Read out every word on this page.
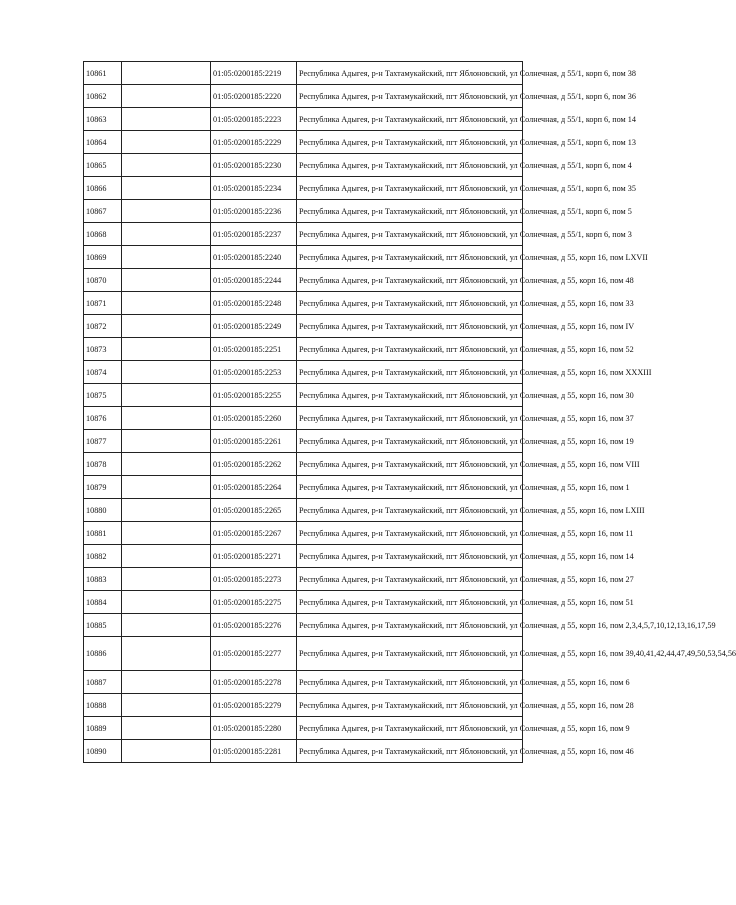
10861		01:05:0200185:2219	Республика Адыгея, р-н Тахтамукайский, пгт Яблоновский, ул Солнечная, д 55/1, корп 6, пом 38
10862		01:05:0200185:2220	Республика Адыгея, р-н Тахтамукайский, пгт Яблоновский, ул Солнечная, д 55/1, корп 6, пом 36
10863		01:05:0200185:2223	Республика Адыгея, р-н Тахтамукайский, пгт Яблоновский, ул Солнечная, д 55/1, корп 6, пом 14
10864		01:05:0200185:2229	Республика Адыгея, р-н Тахтамукайский, пгт Яблоновский, ул Солнечная, д 55/1, корп 6, пом 13
10865		01:05:0200185:2230	Республика Адыгея, р-н Тахтамукайский, пгт Яблоновский, ул Солнечная, д 55/1, корп 6, пом 4
10866		01:05:0200185:2234	Республика Адыгея, р-н Тахтамукайский, пгт Яблоновский, ул Солнечная, д 55/1, корп 6, пом 35
10867		01:05:0200185:2236	Республика Адыгея, р-н Тахтамукайский, пгт Яблоновский, ул Солнечная, д 55/1, корп 6, пом 5
10868		01:05:0200185:2237	Республика Адыгея, р-н Тахтамукайский, пгт Яблоновский, ул Солнечная, д 55/1, корп 6, пом 3
10869		01:05:0200185:2240	Республика Адыгея, р-н Тахтамукайский, пгт Яблоновский, ул Солнечная, д 55, корп 16, пом LXVII
10870		01:05:0200185:2244	Республика Адыгея, р-н Тахтамукайский, пгт Яблоновский, ул Солнечная, д 55, корп 16, пом 48
10871		01:05:0200185:2248	Республика Адыгея, р-н Тахтамукайский, пгт Яблоновский, ул Солнечная, д 55, корп 16, пом 33
10872		01:05:0200185:2249	Республика Адыгея, р-н Тахтамукайский, пгт Яблоновский, ул Солнечная, д 55, корп 16, пом IV
10873		01:05:0200185:2251	Республика Адыгея, р-н Тахтамукайский, пгт Яблоновский, ул Солнечная, д 55, корп 16, пом 52
10874		01:05:0200185:2253	Республика Адыгея, р-н Тахтамукайский, пгт Яблоновский, ул Солнечная, д 55, корп 16, пом XXXIII
10875		01:05:0200185:2255	Республика Адыгея, р-н Тахтамукайский, пгт Яблоновский, ул Солнечная, д 55, корп 16, пом 30
10876		01:05:0200185:2260	Республика Адыгея, р-н Тахтамукайский, пгт Яблоновский, ул Солнечная, д 55, корп 16, пом 37
10877		01:05:0200185:2261	Республика Адыгея, р-н Тахтамукайский, пгт Яблоновский, ул Солнечная, д 55, корп 16, пом 19
10878		01:05:0200185:2262	Республика Адыгея, р-н Тахтамукайский, пгт Яблоновский, ул Солнечная, д 55, корп 16, пом VIII
10879		01:05:0200185:2264	Республика Адыгея, р-н Тахтамукайский, пгт Яблоновский, ул Солнечная, д 55, корп 16, пом 1
10880		01:05:0200185:2265	Республика Адыгея, р-н Тахтамукайский, пгт Яблоновский, ул Солнечная, д 55, корп 16, пом LXIII
10881		01:05:0200185:2267	Республика Адыгея, р-н Тахтамукайский, пгт Яблоновский, ул Солнечная, д 55, корп 16, пом 11
10882		01:05:0200185:2271	Республика Адыгея, р-н Тахтамукайский, пгт Яблоновский, ул Солнечная, д 55, корп 16, пом 14
10883		01:05:0200185:2273	Республика Адыгея, р-н Тахтамукайский, пгт Яблоновский, ул Солнечная, д 55, корп 16, пом 27
10884		01:05:0200185:2275	Республика Адыгея, р-н Тахтамукайский, пгт Яблоновский, ул Солнечная, д 55, корп 16, пом 51
10885		01:05:0200185:2276	Республика Адыгея, р-н Тахтамукайский, пгт Яблоновский, ул Солнечная, д 55, корп 16, пом 2,3,4,5,7,10,12,13,16,17,59
10886		01:05:0200185:2277	Республика Адыгея, р-н Тахтамукайский, пгт Яблоновский, ул Солнечная, д 55, корп 16, пом 39,40,41,42,44,47,49,50,53,54,56
10887		01:05:0200185:2278	Республика Адыгея, р-н Тахтамукайский, пгт Яблоновский, ул Солнечная, д 55, корп 16, пом 6
10888		01:05:0200185:2279	Республика Адыгея, р-н Тахтамукайский, пгт Яблоновский, ул Солнечная, д 55, корп 16, пом 28
10889		01:05:0200185:2280	Республика Адыгея, р-н Тахтамукайский, пгт Яблоновский, ул Солнечная, д 55, корп 16, пом 9
10890		01:05:0200185:2281	Республика Адыгея, р-н Тахтамукайский, пгт Яблоновский, ул Солнечная, д 55, корп 16, пом 46
